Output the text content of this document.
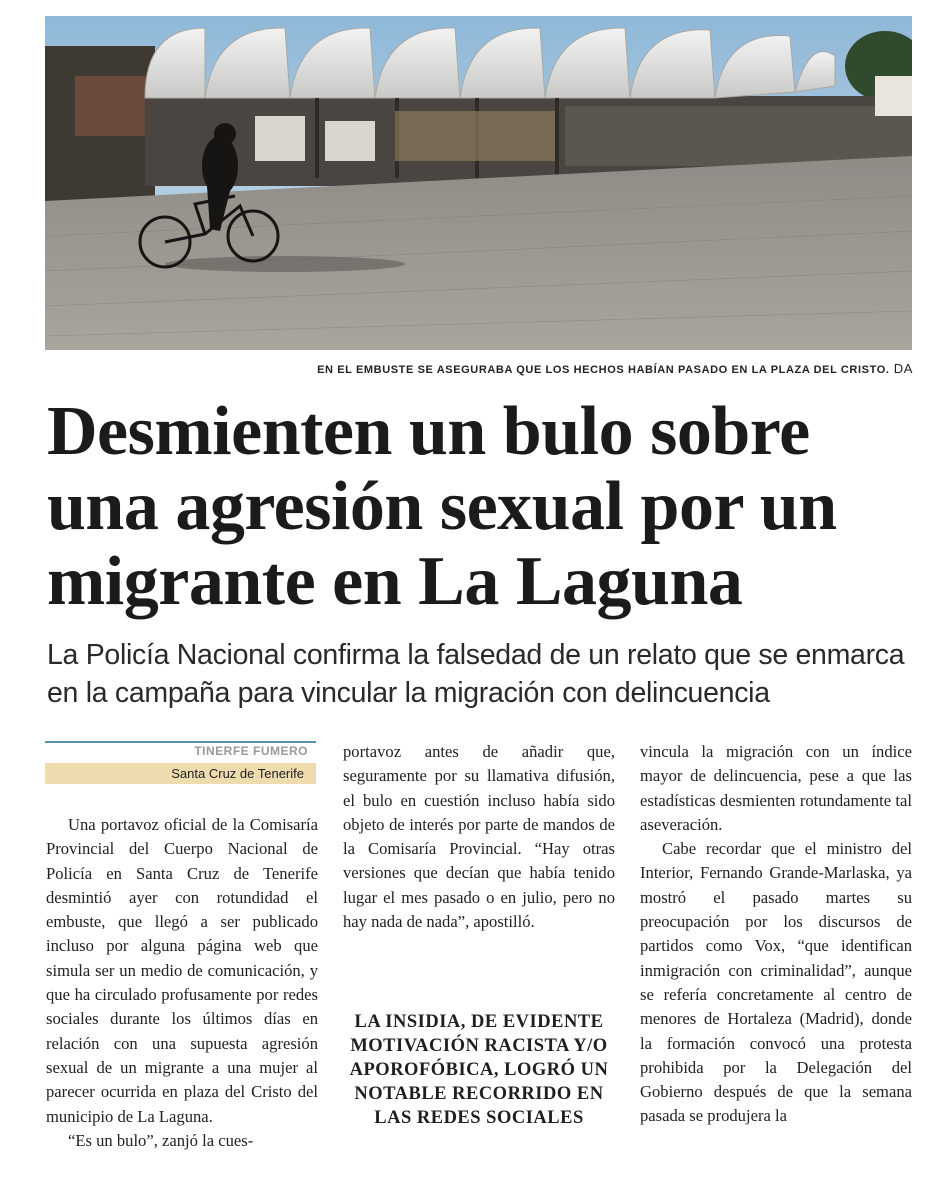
EN EL EMBUSTE SE ASEGURABA QUE LOS HECHOS HABÍAN PASADO EN LA PLAZA DEL CRISTO. DA
Desmienten un bulo sobre una agresión sexual por un migrante en La Laguna
La Policía Nacional confirma la falsedad de un relato que se enmarca en la campaña para vincular la migración con delincuencia
TINERFE FUMERO
Santa Cruz de Tenerife

Una portavoz oficial de la Comisaría Provincial del Cuerpo Nacional de Policía en Santa Cruz de Tenerife desmintió ayer con rotundidad el embuste, que llegó a ser publicado incluso por alguna página web que simula ser un medio de comunicación, y que ha circulado profusamente por redes sociales durante los últimos días en relación con una supuesta agresión sexual de un migrante a una mujer al parecer ocurrida en plaza del Cristo del municipio de La Laguna.

“Es un bulo”, zanjó la cues-

portavoz antes de añadir que, seguramente por su llamativa difusión, el bulo en cuestión incluso había sido objeto de interés por parte de mandos de la Comisaría Provincial. “Hay otras versiones que decían que había tenido lugar el mes pasado o en julio, pero no hay nada de nada”, apostilló.

LA INSIDIA, DE EVIDENTE MOTIVACIÓN RACISTA Y/O APOROFÓBICA, LOGRÓ UN NOTABLE RECORRIDO EN LAS REDES SOCIALES

vincula la migración con un índice mayor de delincuencia, pese a que las estadísticas desmienten rotundamente tal aseveración.

Cabe recordar que el ministro del Interior, Fernando Grande-Marlaska, ya mostró el pasado martes su preocupación por los discursos de partidos como Vox, “que identifican inmigración con criminalidad”, aunque se refería concretamente al centro de menores de Hortaleza (Madrid), donde la formación convocó una protesta prohibida por la Delegación del Gobierno después de que la semana pasada se produjera la
